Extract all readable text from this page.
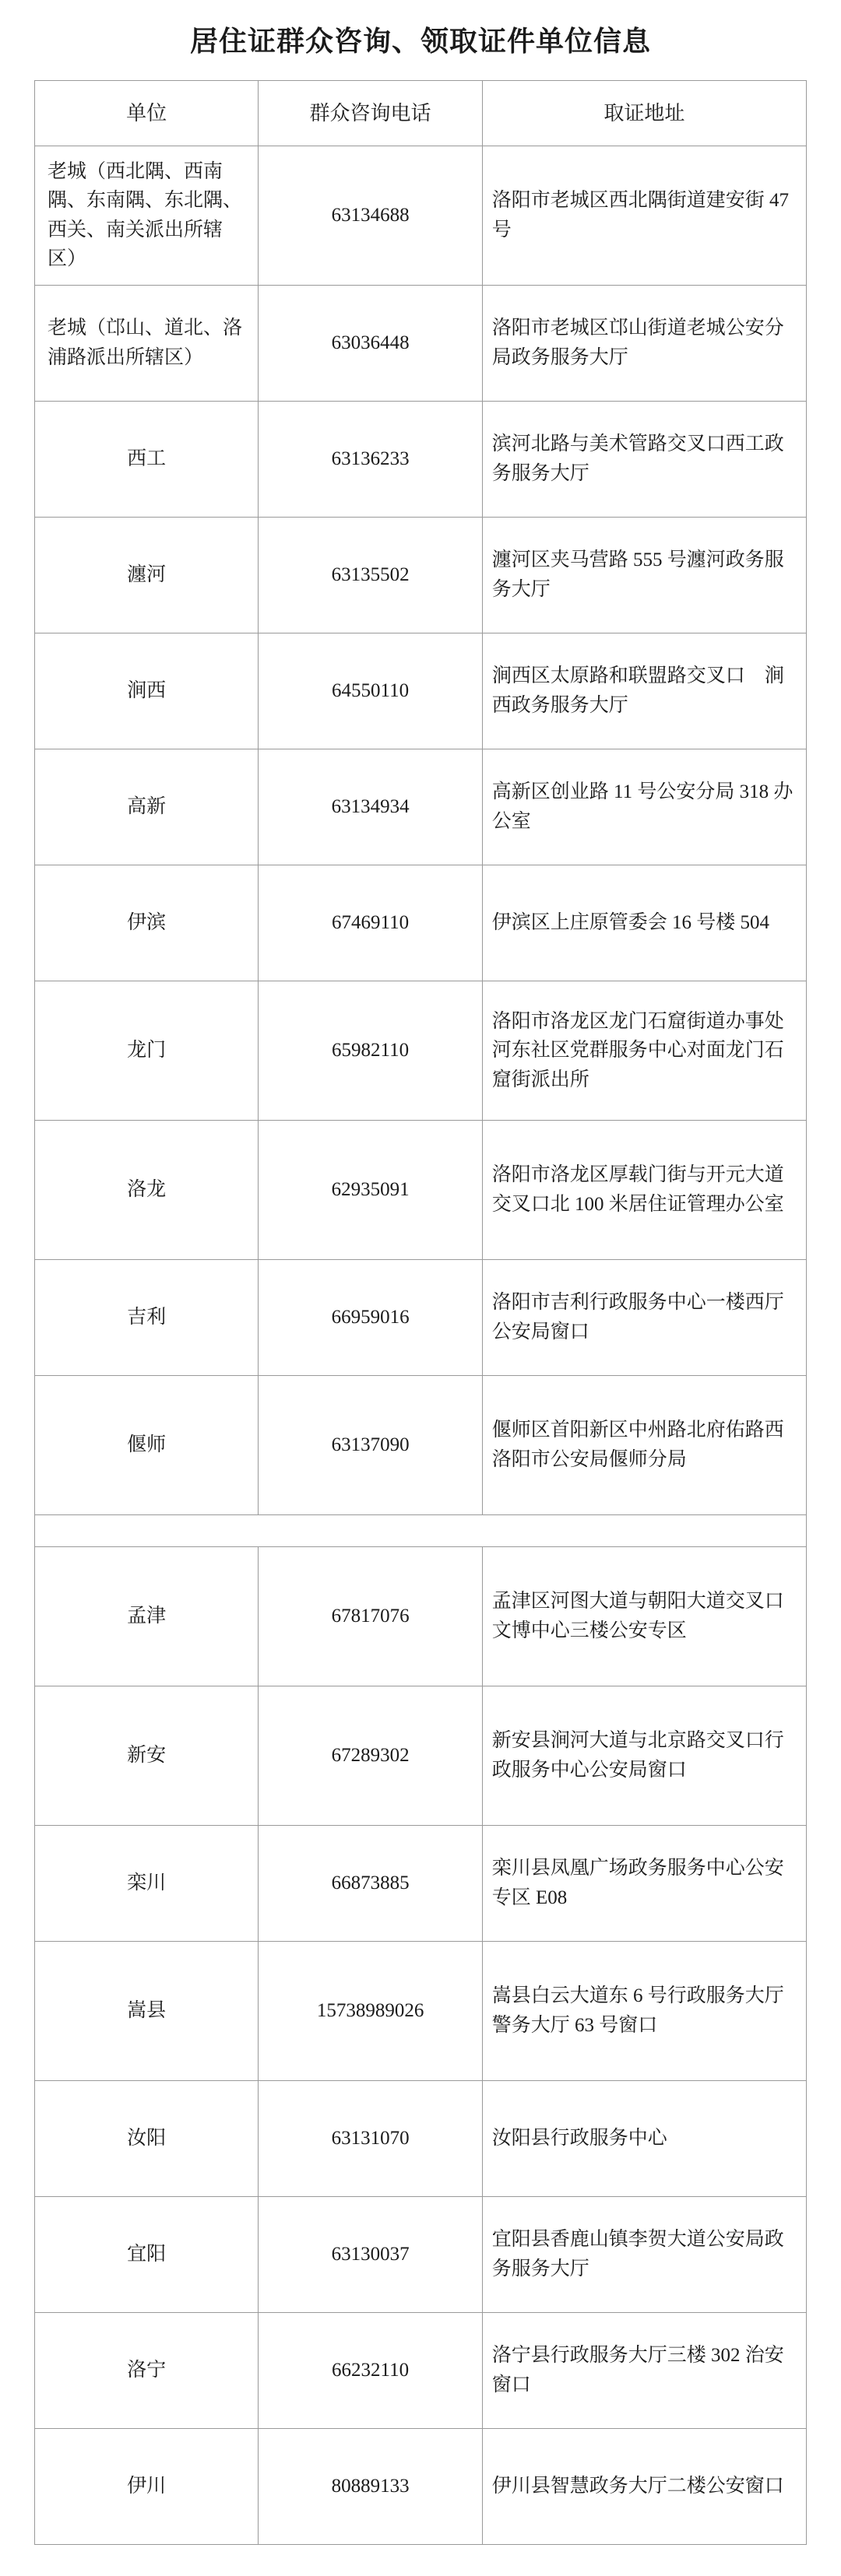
居住证群众咨询、领取证件单位信息
单位	群众咨询电话	取证地址
老城（西北隅、西南隅、东南隅、东北隅、西关、南关派出所辖区）	63134688	洛阳市老城区西北隅街道建安街 47 号
老城（邙山、道北、洛浦路派出所辖区）	63036448	洛阳市老城区邙山街道老城公安分局政务服务大厅
西工	63136233	滨河北路与美术管路交叉口西工政务服务大厅
瀍河	63135502	瀍河区夹马营路 555 号瀍河政务服务大厅
涧西	64550110	涧西区太原路和联盟路交叉口　涧西政务服务大厅
高新	63134934	高新区创业路 11 号公安分局 318 办公室
伊滨	67469110	伊滨区上庄原管委会 16 号楼 504
龙门	65982110	洛阳市洛龙区龙门石窟街道办事处河东社区党群服务中心对面龙门石窟街派出所
洛龙	62935091	洛阳市洛龙区厚载门街与开元大道交叉口北 100 米居住证管理办公室
吉利	66959016	洛阳市吉利行政服务中心一楼西厅公安局窗口
偃师	63137090	偃师区首阳新区中州路北府佑路西 洛阳市公安局偃师分局

孟津	67817076	孟津区河图大道与朝阳大道交叉口文博中心三楼公安专区
新安	67289302	新安县涧河大道与北京路交叉口行政服务中心公安局窗口
栾川	66873885	栾川县凤凰广场政务服务中心公安专区 E08
嵩县	15738989026	嵩县白云大道东 6 号行政服务大厅警务大厅 63 号窗口
汝阳	63131070	汝阳县行政服务中心
宜阳	63130037	宜阳县香鹿山镇李贺大道公安局政务服务大厅
洛宁	66232110	洛宁县行政服务大厅三楼 302 治安窗口
伊川	80889133	伊川县智慧政务大厅二楼公安窗口
